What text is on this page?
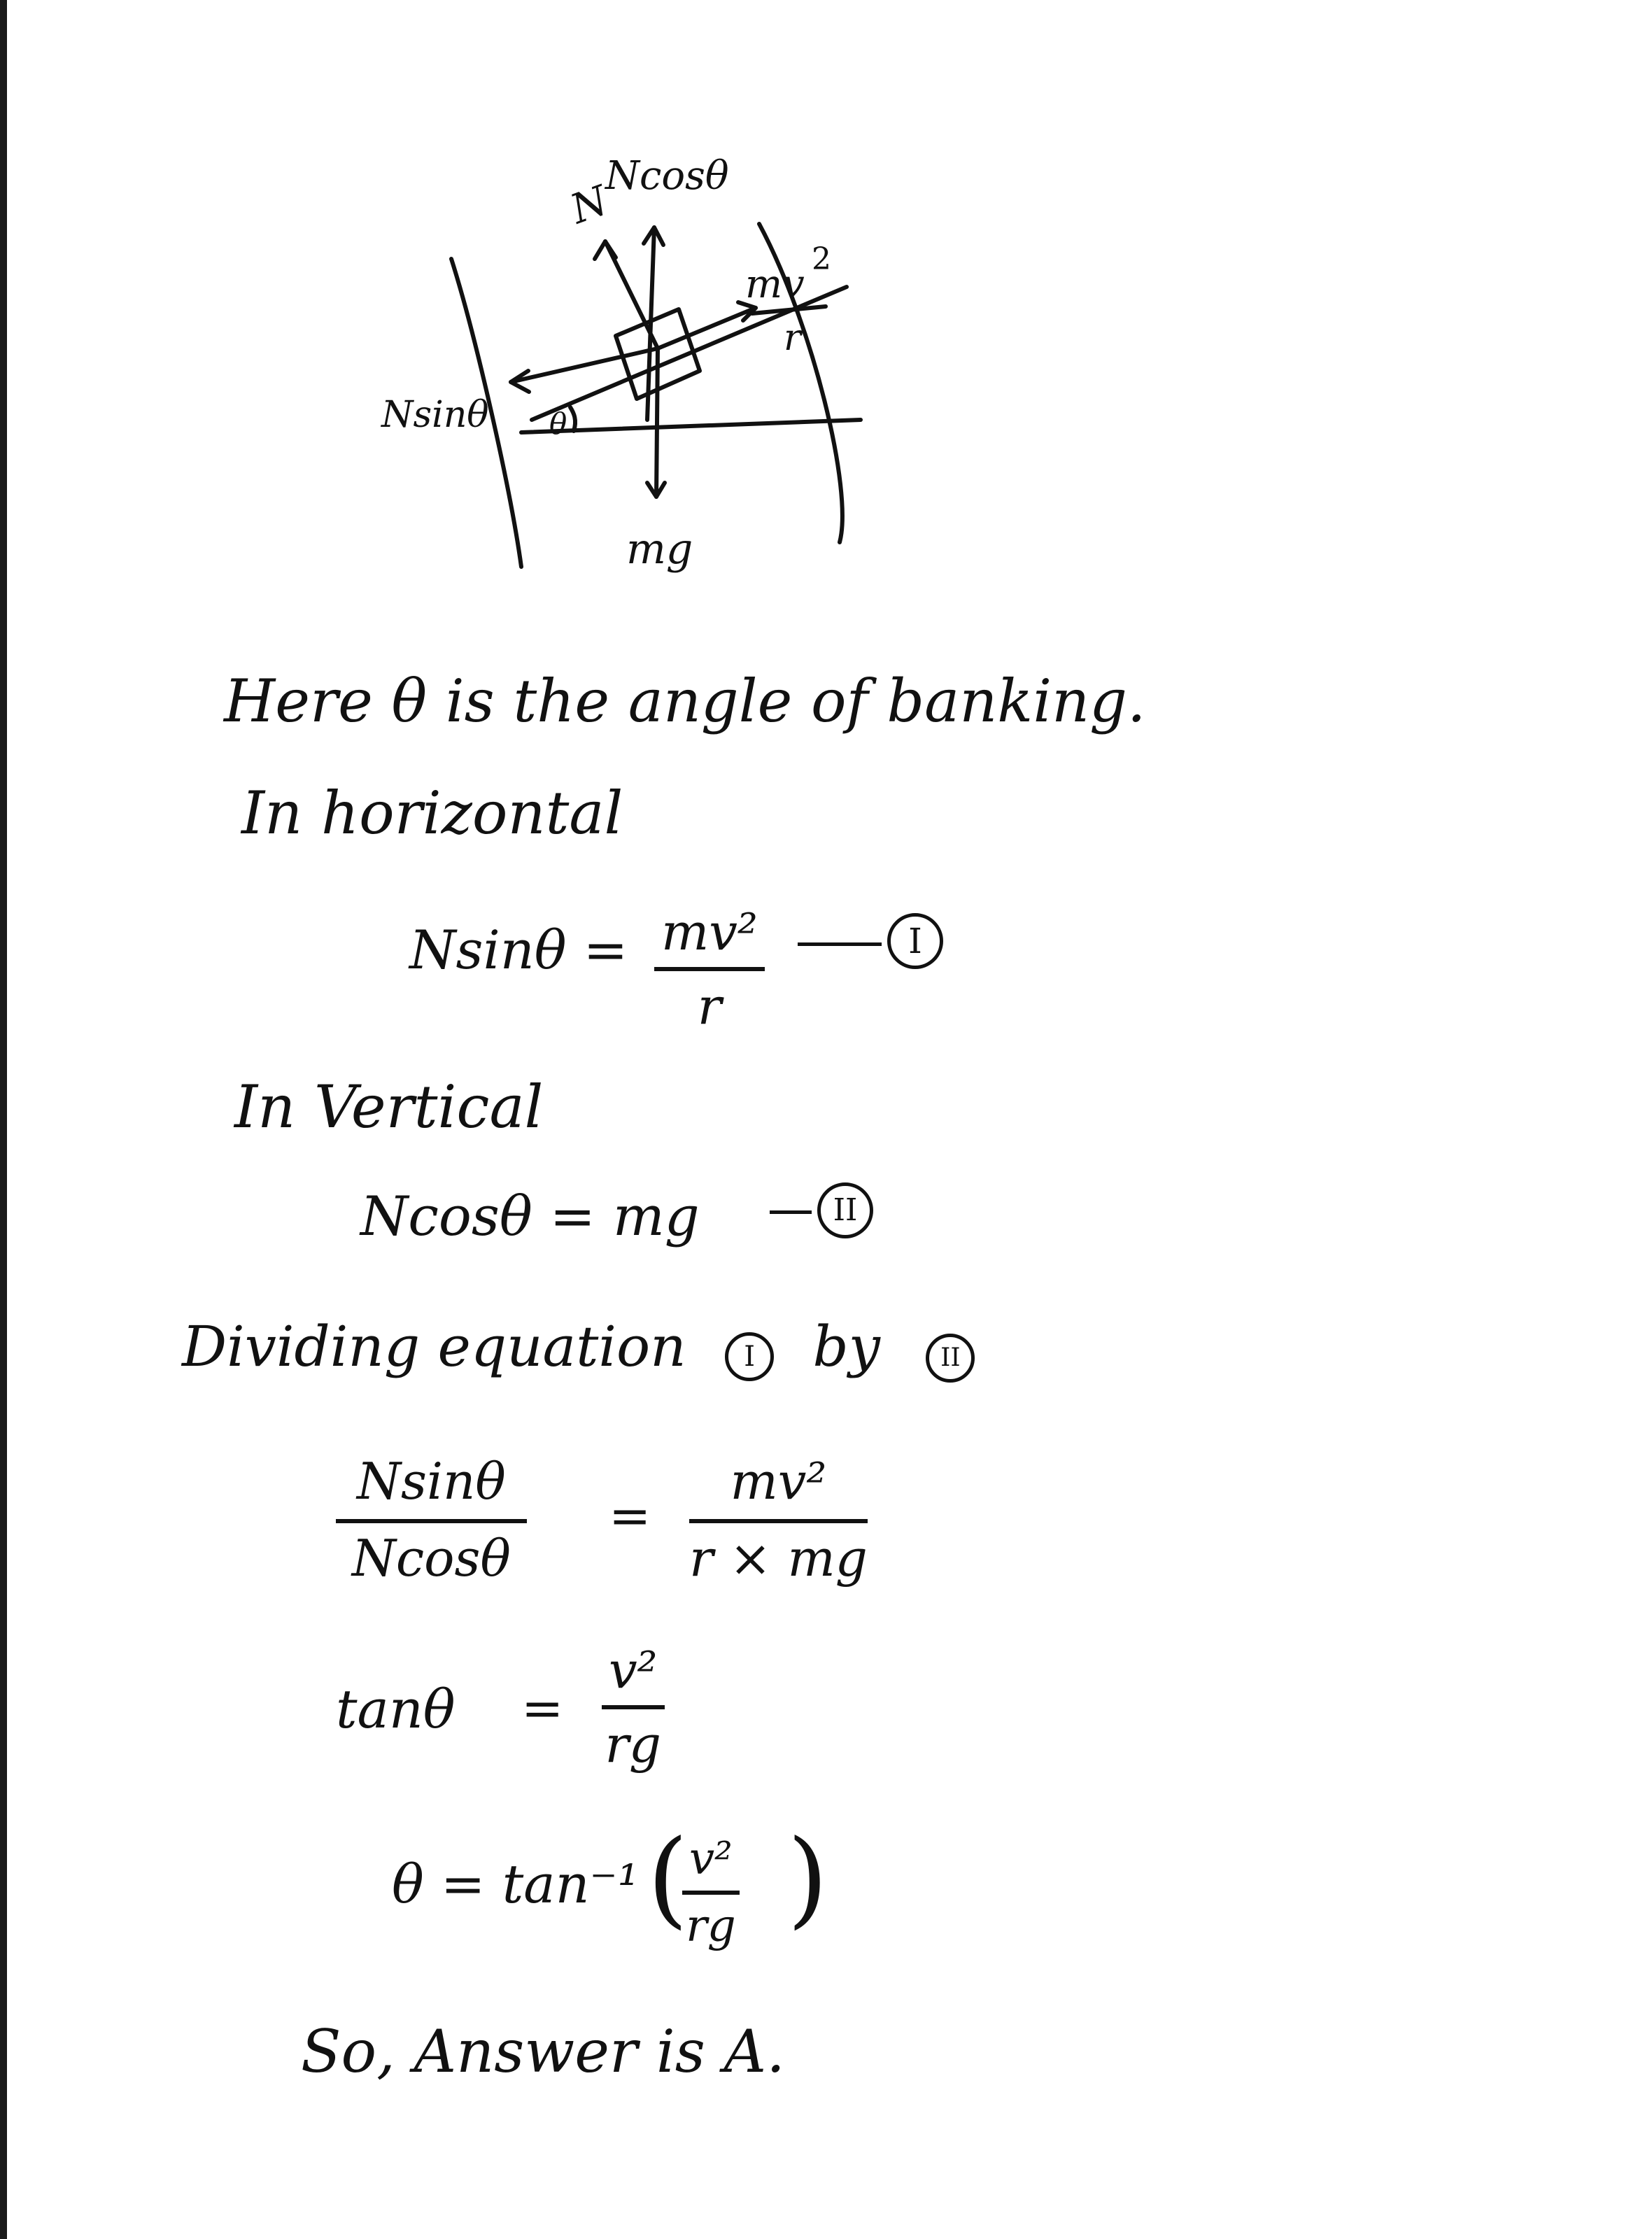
N
Ncosθ
mv
2
r
Nsinθ θ
mg
Here θ is the angle of banking.
In horizontal
$Nsin\theta = \frac{\text{mv²}}{r}$	I
In Vertical
Ncosθ = mg	II
Dividing equation I by II
$\frac{Nsin\theta}{Ncos\theta} = \frac{\text{mv²}}{r \times mg}$
$\tan\theta = \frac{\text{v²}}{rg}$
θ = tan⁻¹ (
$\frac{\text{v²}}{rg}$ )
So, Answer is A.
